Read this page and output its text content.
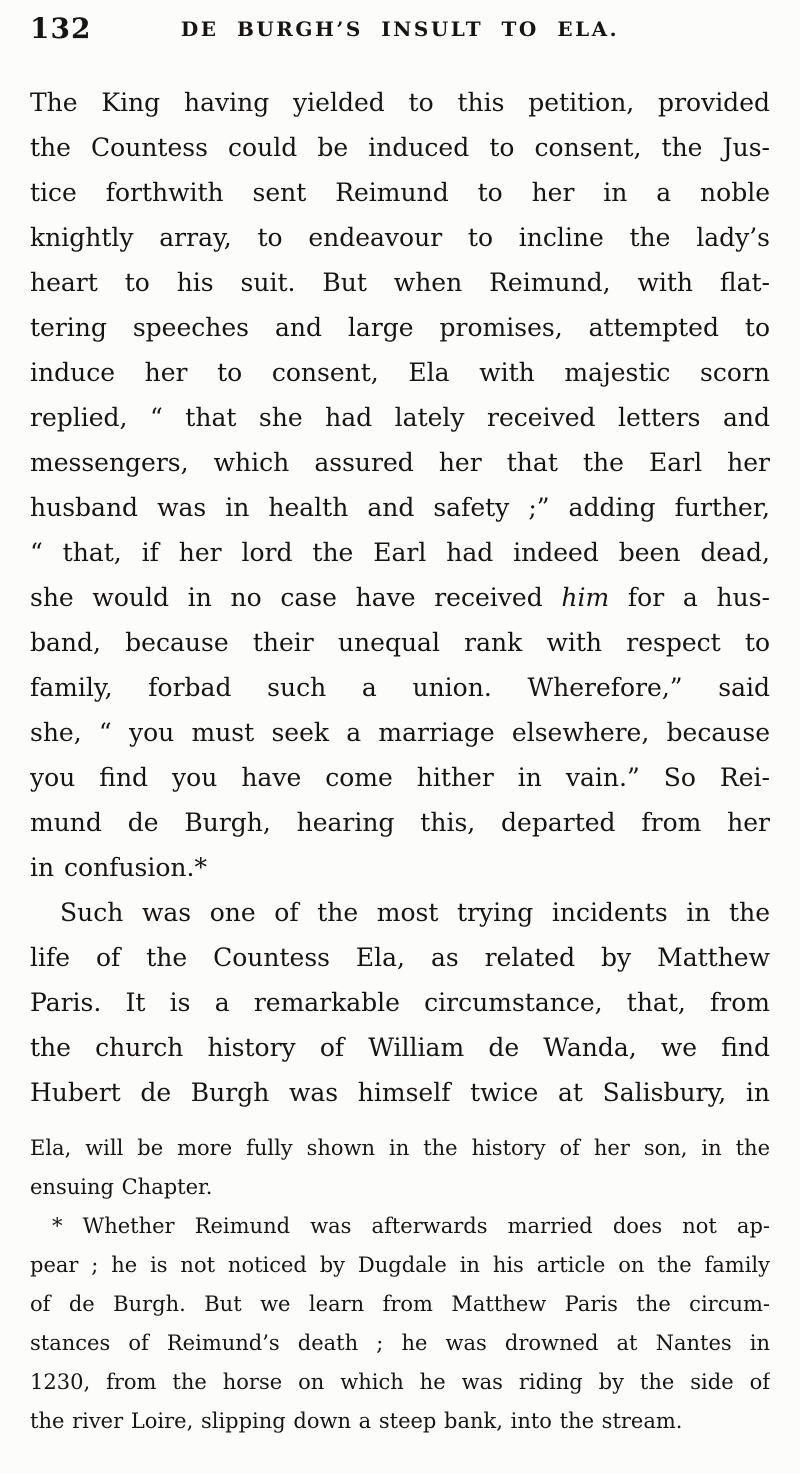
132	DE BURGH’S INSULT TO ELA.
The King having yielded to this petition, provided
the Countess could be induced to consent, the Jus-
tice forthwith sent Reimund to her in a noble
knightly array, to endeavour to incline the lady’s
heart to his suit. But when Reimund, with flat-
tering speeches and large promises, attempted to
induce her to consent, Ela with majestic scorn
replied, “ that she had lately received letters and
messengers, which assured her that the Earl her
husband was in health and safety ;” adding further,
“ that, if her lord the Earl had indeed been dead,
she would in no case have received him for a hus-
band, because their unequal rank with respect to
family, forbad such a union. Wherefore,” said
she, “ you must seek a marriage elsewhere, because
you find you have come hither in vain.” So Rei-
mund de Burgh, hearing this, departed from her
in confusion.*
Such was one of the most trying incidents in the
life of the Countess Ela, as related by Matthew
Paris. It is a remarkable circumstance, that, from
the church history of William de Wanda, we find
Hubert de Burgh was himself twice at Salisbury, in
Ela, will be more fully shown in the history of her son, in the
ensuing Chapter.
* Whether Reimund was afterwards married does not ap-
pear ; he is not noticed by Dugdale in his article on the family
of de Burgh. But we learn from Matthew Paris the circum-
stances of Reimund’s death ; he was drowned at Nantes in
1230, from the horse on which he was riding by the side of
the river Loire, slipping down a steep bank, into the stream.
